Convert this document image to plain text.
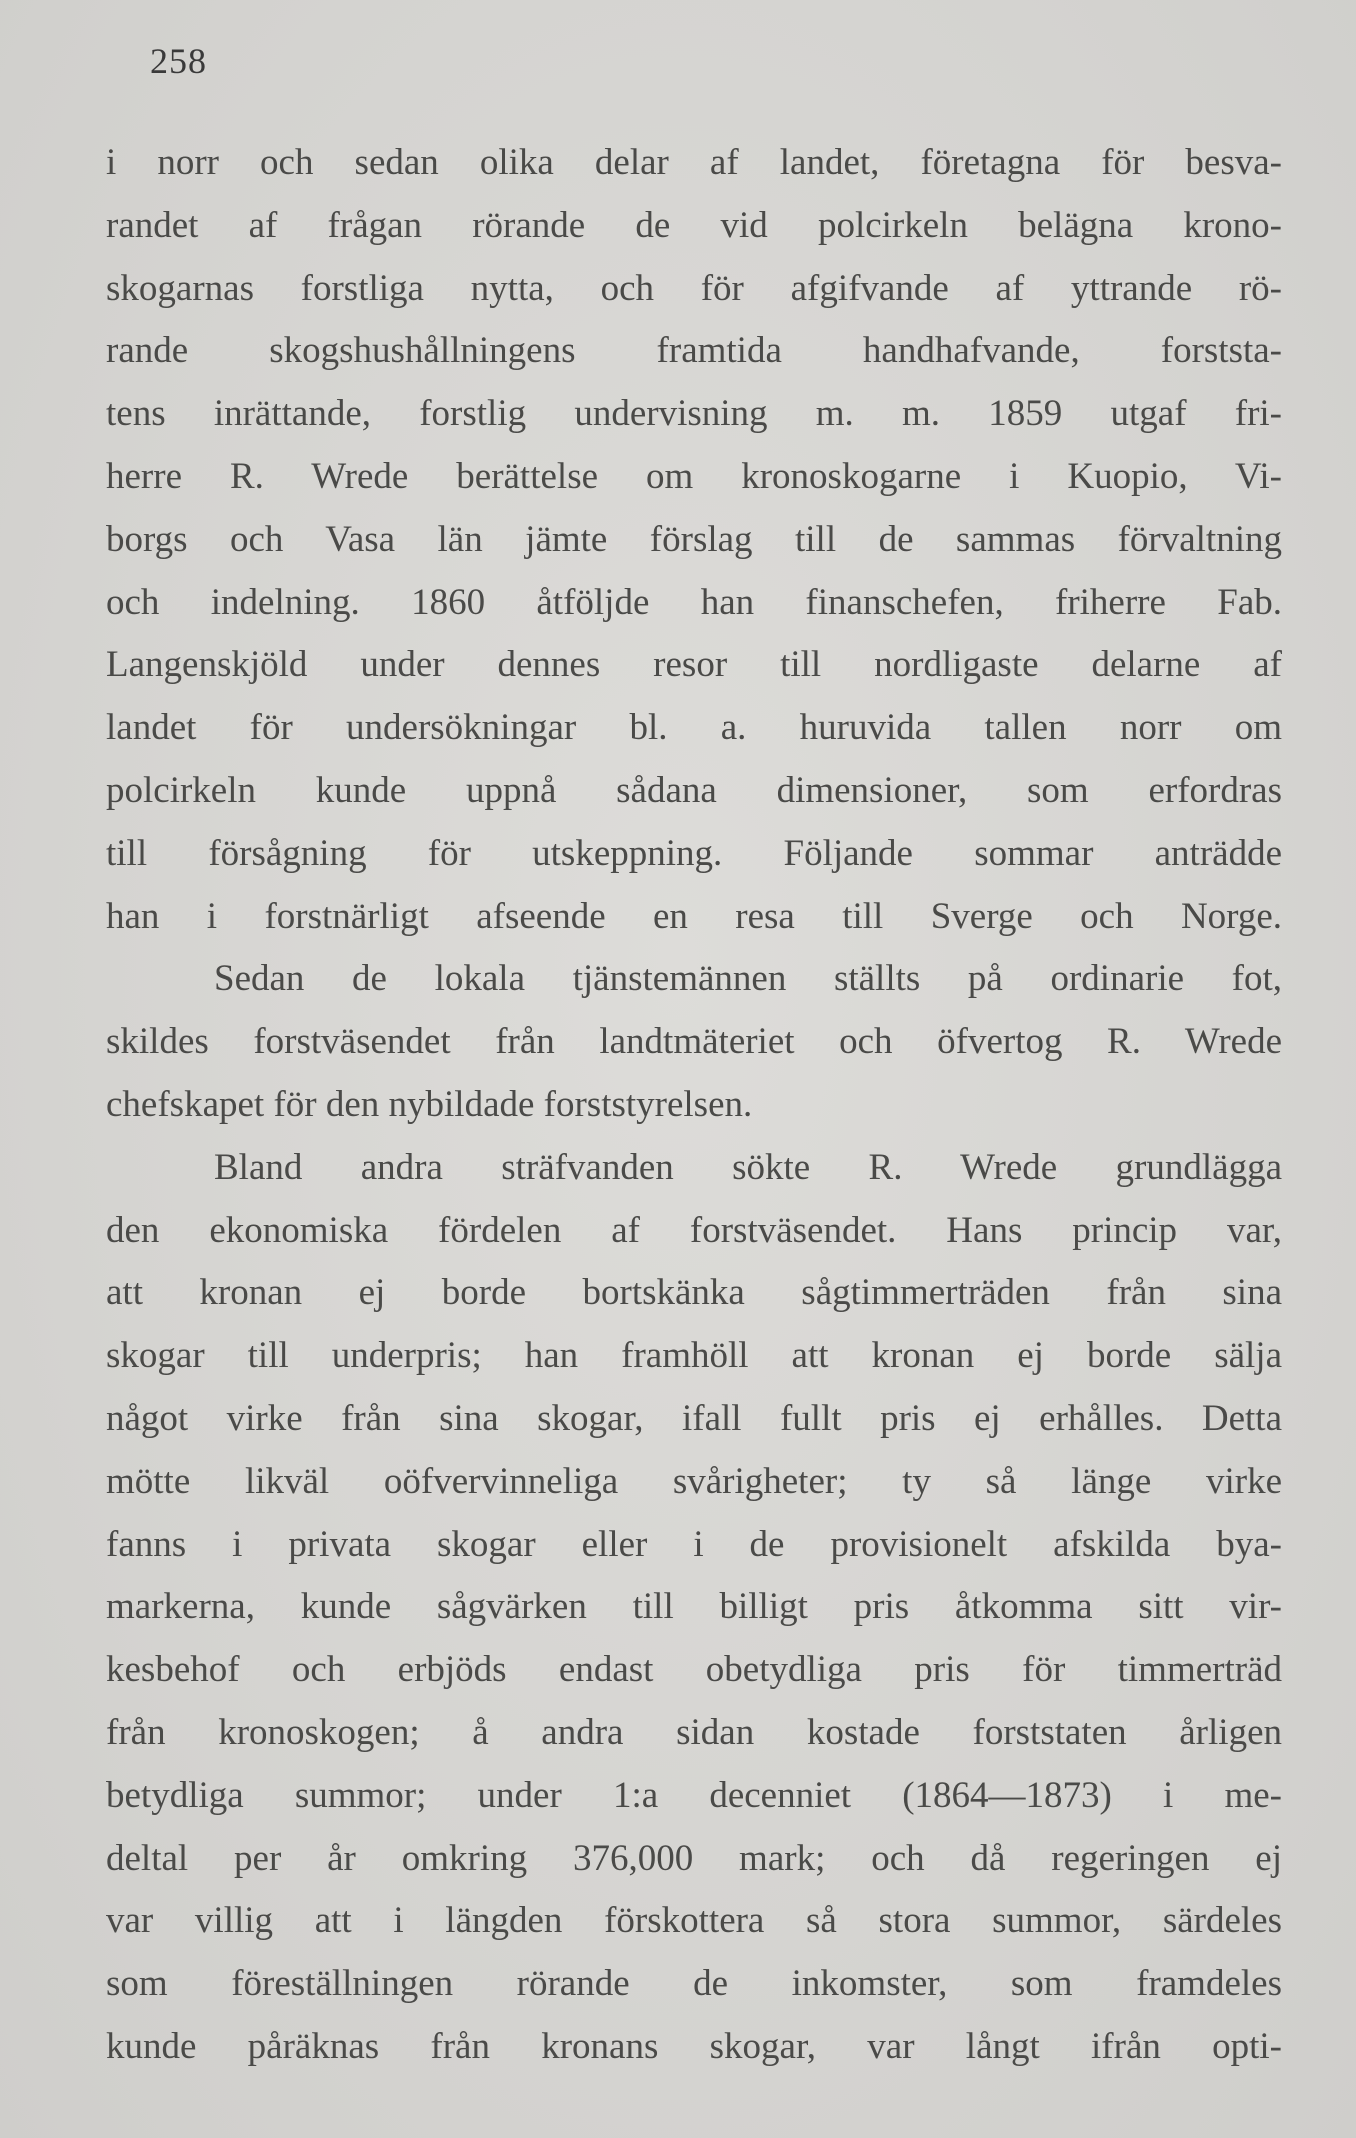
258
i norr och sedan olika delar af landet, företagna för besva-
randet af frågan rörande de vid polcirkeln belägna krono-
skogarnas forstliga nytta, och för afgifvande af yttrande rö-
rande skogshushållningens framtida handhafvande, forststa-
tens inrättande, forstlig undervisning m. m. 1859 utgaf fri-
herre R. Wrede berättelse om kronoskogarne i Kuopio, Vi-
borgs och Vasa län jämte förslag till de sammas förvaltning
och indelning. 1860 åtföljde han finanschefen, friherre Fab.
Langenskjöld under dennes resor till nordligaste delarne af
landet för undersökningar bl. a. huruvida tallen norr om
polcirkeln kunde uppnå sådana dimensioner, som erfordras
till försågning för utskeppning. Följande sommar anträdde
han i forstnärligt afseende en resa till Sverge och Norge.
Sedan de lokala tjänstemännen ställts på ordinarie fot,
skildes forstväsendet från landtmäteriet och öfvertog R. Wrede
chefskapet för den nybildade forststyrelsen.
Bland andra sträfvanden sökte R. Wrede grundlägga
den ekonomiska fördelen af forstväsendet. Hans princip var,
att kronan ej borde bortskänka sågtimmerträden från sina
skogar till underpris; han framhöll att kronan ej borde sälja
något virke från sina skogar, ifall fullt pris ej erhålles. Detta
mötte likväl oöfvervinneliga svårigheter; ty så länge virke
fanns i privata skogar eller i de provisionelt afskilda bya-
markerna, kunde sågvärken till billigt pris åtkomma sitt vir-
kesbehof och erbjöds endast obetydliga pris för timmerträd
från kronoskogen; å andra sidan kostade forststaten årligen
betydliga summor; under 1:a decenniet (1864—1873) i me-
deltal per år omkring 376,000 mark; och då regeringen ej
var villig att i längden förskottera så stora summor, särdeles
som föreställningen rörande de inkomster, som framdeles
kunde påräknas från kronans skogar, var långt ifrån opti-
